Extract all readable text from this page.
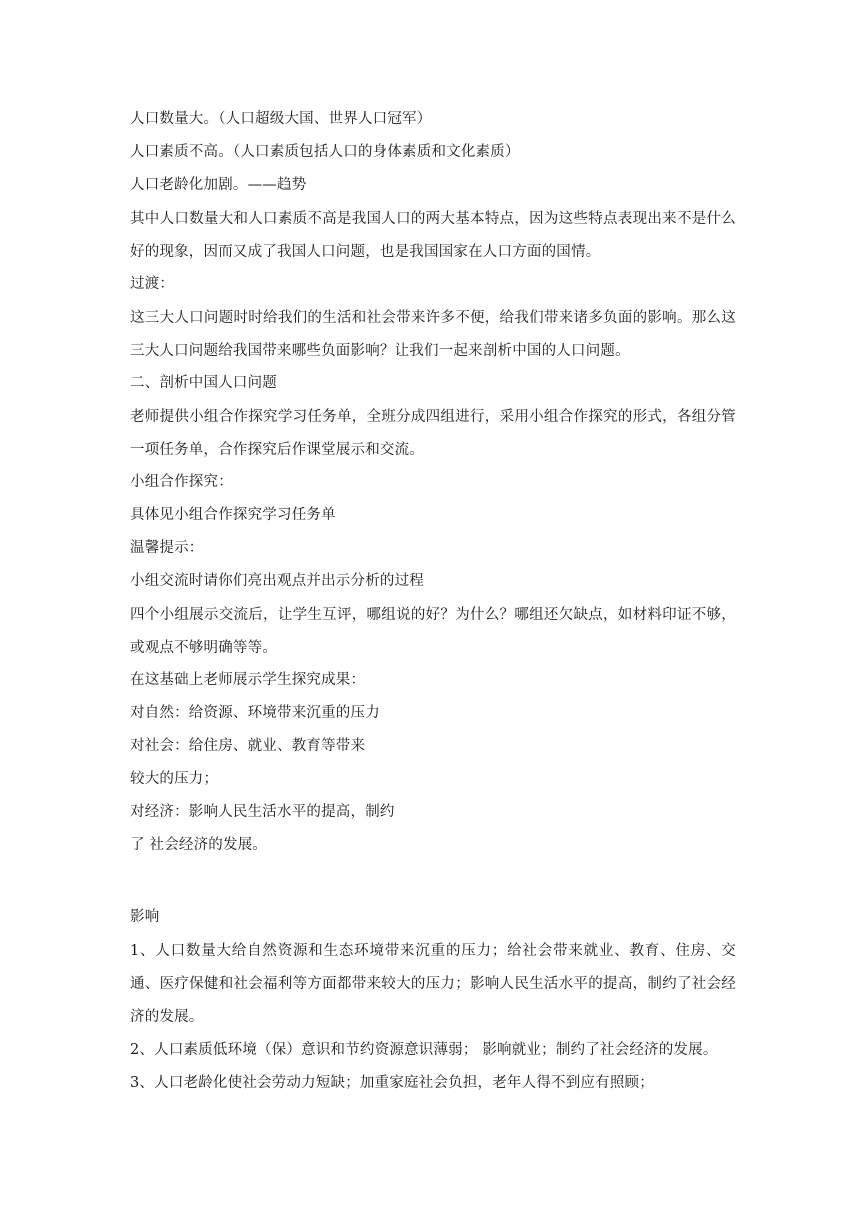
人口数量大。（人口超级大国、世界人口冠军）
人口素质不高。（人口素质包括人口的身体素质和文化素质）
人口老龄化加剧。——趋势
其中人口数量大和人口素质不高是我国人口的两大基本特点，因为这些特点表现出来不是什么好的现象，因而又成了我国人口问题，也是我国国家在人口方面的国情。
过渡：
这三大人口问题时时给我们的生活和社会带来许多不便，给我们带来诸多负面的影响。那么这三大人口问题给我国带来哪些负面影响？让我们一起来剖析中国的人口问题。
二、剖析中国人口问题
老师提供小组合作探究学习任务单，全班分成四组进行，采用小组合作探究的形式，各组分管一项任务单，合作探究后作课堂展示和交流。
小组合作探究：
具体见小组合作探究学习任务单
温馨提示：
小组交流时请你们亮出观点并出示分析的过程
四个小组展示交流后，让学生互评，哪组说的好？为什么？哪组还欠缺点，如材料印证不够，或观点不够明确等等。
在这基础上老师展示学生探究成果：
对自然：给资源、环境带来沉重的压力
对社会：给住房、就业、教育等带来
较大的压力；
对经济：影响人民生活水平的提高，制约
了 社会经济的发展。
影响
1、人口数量大给自然资源和生态环境带来沉重的压力；给社会带来就业、教育、住房、交通、医疗保健和社会福利等方面都带来较大的压力；影响人民生活水平的提高，制约了社会经济的发展。
2、人口素质低环境（保）意识和节约资源意识薄弱； 影响就业；制约了社会经济的发展。
3、人口老龄化使社会劳动力短缺；加重家庭社会负担，老年人得不到应有照顾；
